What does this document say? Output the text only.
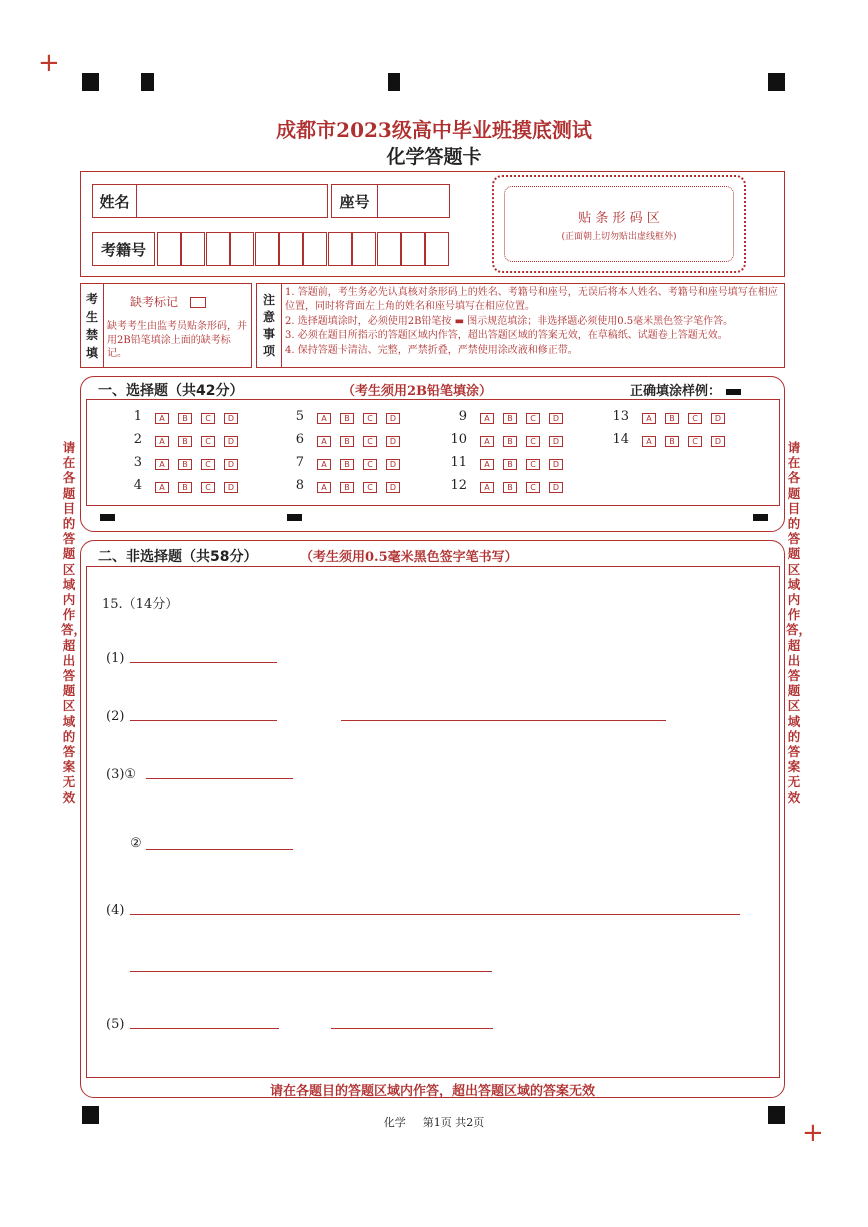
+
+
成都市2023级高中毕业班摸底测试
化学答题卡
姓名	座号
考籍号
贴 条 形 码 区
(正面朝上切勿贴出虚线框外)
考生禁填
缺考标记
缺考考生由监考员贴条形码，并用2B铅笔填涂上面的缺考标记。
注意事项
1. 答题前，考生务必先认真核对条形码上的姓名、考籍号和座号，无误后将本人姓名、考籍号和座号填写在相应位置，同时将背面左上角的姓名和座号填写在相应位置。
2. 选择题填涂时，必须使用2B铅笔按 ▬ 图示规范填涂；非选择题必须使用0.5毫米黑色签字笔作答。
3. 必须在题目所指示的答题区域内作答，超出答题区域的答案无效，在草稿纸、试题卷上答题无效。
4. 保持答题卡清洁、完整，严禁折叠，严禁使用涂改液和修正带。
一、选择题（共42分）	（考生须用2B铅笔填涂）	正确填涂样例：
1	A	B	C	D
2	A	B	C	D
3	A	B	C	D
4	A	B	C	D
5	A	B	C	D
6	A	B	C	D
7	A	B	C	D
8	A	B	C	D
9	A	B	C	D
10	A	B	C	D
11	A	B	C	D
12	A	B	C	D
13	A	B	C	D
14	A	B	C	D
二、非选择题（共58分）	（考生须用0.5毫米黑色签字笔书写）
15.（14分）
(1)
(2)
(3)①
②
(4)
(5)
请在各题目的答题区域内作答，超出答题区域的答案无效
请在各题目的答题区域内作答，超出答题区域的答案无效
请在各题目的答题区域内作答，超出答题区域的答案无效
化学 第1页 共2页
